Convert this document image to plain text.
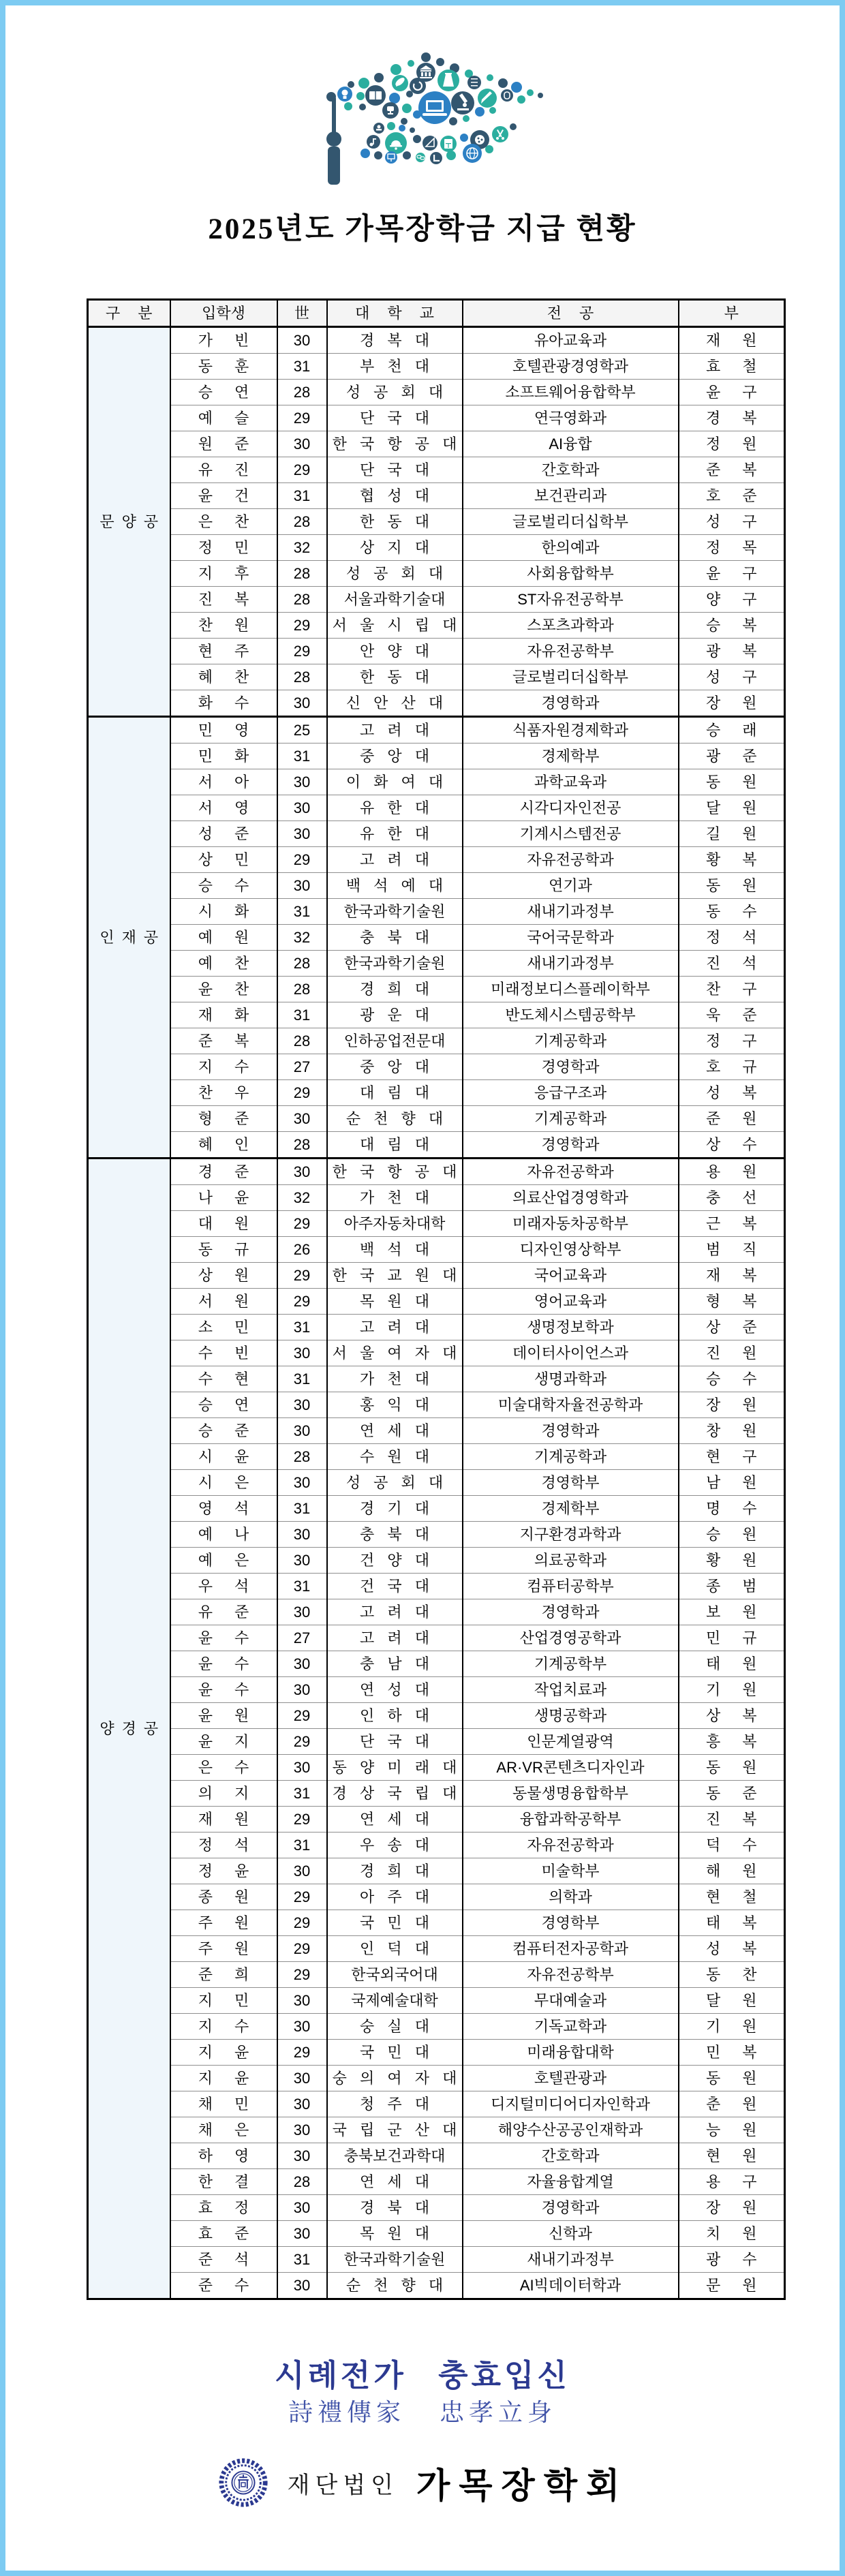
2025년도 가목장학금 지급 현황
구 분	입학생	世	대 학 교	전 공	부
문양공	가 빈	30	경 복 대	유아교육과	재 원
	동 훈	31	부 천 대	호텔관광경영학과	효 철
	승 연	28	성 공 회 대	소프트웨어융합학부	윤 구
	예 슬	29	단 국 대	연극영화과	경 복
	원 준	30	한 국 항 공 대	AI융합	정 원
	유 진	29	단 국 대	간호학과	준 복
	윤 건	31	협 성 대	보건관리과	호 준
	은 찬	28	한 동 대	글로벌리더십학부	성 구
	정 민	32	상 지 대	한의예과	정 목
	지 후	28	성 공 회 대	사회융합학부	윤 구
	진 복	28	서울과학기술대	ST자유전공학부	양 구
	찬 원	29	서 울 시 립 대	스포츠과학과	승 복
	현 주	29	안 양 대	자유전공학부	광 복
	혜 찬	28	한 동 대	글로벌리더십학부	성 구
	화 수	30	신 안 산 대	경영학과	장 원
인재공	민 영	25	고 려 대	식품자원경제학과	승 래
	민 화	31	중 앙 대	경제학부	광 준
	서 아	30	이 화 여 대	과학교육과	동 원
	서 영	30	유 한 대	시각디자인전공	달 원
	성 준	30	유 한 대	기계시스템전공	길 원
	상 민	29	고 려 대	자유전공학과	황 복
	승 수	30	백 석 예 대	연기과	동 원
	시 화	31	한국과학기술원	새내기과정부	동 수
	예 원	32	충 북 대	국어국문학과	정 석
	예 찬	28	한국과학기술원	새내기과정부	진 석
	윤 찬	28	경 희 대	미래정보디스플레이학부	찬 구
	재 화	31	광 운 대	반도체시스템공학부	욱 준
	준 복	28	인하공업전문대	기계공학과	정 구
	지 수	27	중 앙 대	경영학과	호 규
	찬 우	29	대 림 대	응급구조과	성 복
	형 준	30	순 천 향 대	기계공학과	준 원
	혜 인	28	대 림 대	경영학과	상 수
양경공	경 준	30	한 국 항 공 대	자유전공학과	용 원
	나 윤	32	가 천 대	의료산업경영학과	충 선
	대 원	29	아주자동차대학	미래자동차공학부	근 복
	동 규	26	백 석 대	디자인영상학부	범 직
	상 원	29	한 국 교 원 대	국어교육과	재 복
	서 원	29	목 원 대	영어교육과	형 복
	소 민	31	고 려 대	생명정보학과	상 준
	수 빈	30	서 울 여 자 대	데이터사이언스과	진 원
	수 현	31	가 천 대	생명과학과	승 수
	승 연	30	홍 익 대	미술대학자율전공학과	장 원
	승 준	30	연 세 대	경영학과	창 원
	시 윤	28	수 원 대	기계공학과	현 구
	시 은	30	성 공 회 대	경영학부	남 원
	영 석	31	경 기 대	경제학부	명 수
	예 나	30	충 북 대	지구환경과학과	승 원
	예 은	30	건 양 대	의료공학과	황 원
	우 석	31	건 국 대	컴퓨터공학부	종 범
	유 준	30	고 려 대	경영학과	보 원
	윤 수	27	고 려 대	산업경영공학과	민 규
	윤 수	30	충 남 대	기계공학부	태 원
	윤 수	30	연 성 대	작업치료과	기 원
	윤 원	29	인 하 대	생명공학과	상 복
	윤 지	29	단 국 대	인문계열광역	흥 복
	은 수	30	동 양 미 래 대	AR·VR콘텐츠디자인과	동 원
	의 지	31	경 상 국 립 대	동물생명융합학부	동 준
	재 원	29	연 세 대	융합과학공학부	진 복
	정 석	31	우 송 대	자유전공학과	덕 수
	정 윤	30	경 희 대	미술학부	해 원
	종 원	29	아 주 대	의학과	현 철
	주 원	29	국 민 대	경영학부	태 복
	주 원	29	인 덕 대	컴퓨터전자공학과	성 복
	준 희	29	한국외국어대	자유전공학부	동 찬
	지 민	30	국제예술대학	무대예술과	달 원
	지 수	30	숭 실 대	기독교학과	기 원
	지 윤	29	국 민 대	미래융합대학	민 복
	지 윤	30	숭 의 여 자 대	호텔관광과	동 원
	채 민	30	청 주 대	디지털미디어디자인학과	춘 원
	채 은	30	국 립 군 산 대	해양수산공공인재학과	능 원
	하 영	30	충북보건과학대	간호학과	현 원
	한 결	28	연 세 대	자율융합계열	용 구
	효 정	30	경 북 대	경영학과	장 원
	효 준	30	목 원 대	신학과	치 원
	준 석	31	한국과학기술원	새내기과정부	광 수
	준 수	30	순 천 향 대	AI빅데이터학과	문 원
시례전가 충효입신
詩禮傳家 忠孝立身
재단법인 가목장학회
